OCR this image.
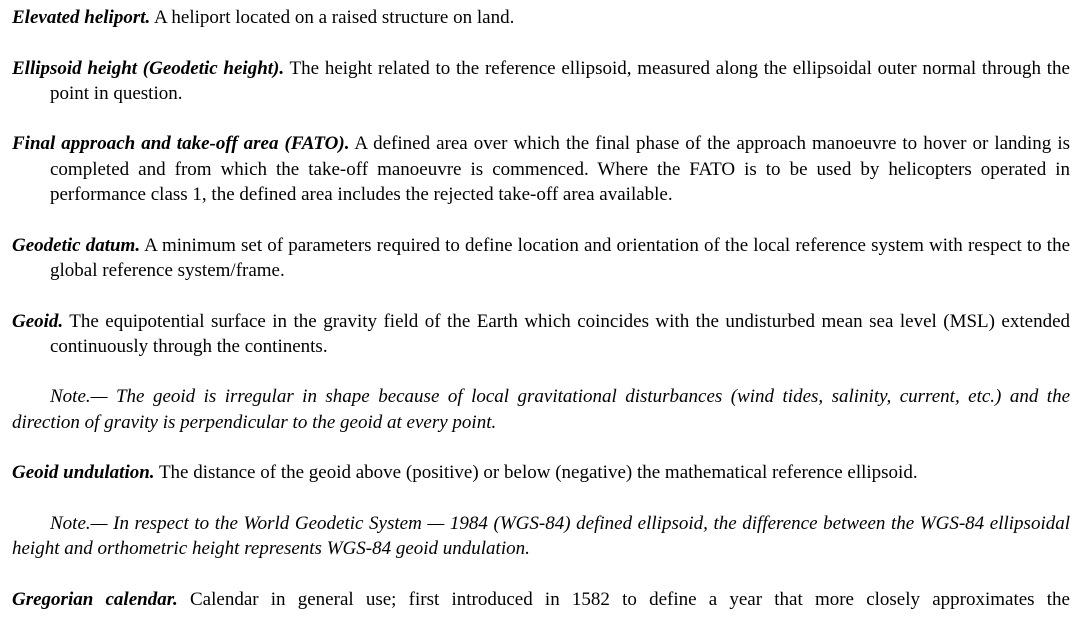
Elevated heliport. A heliport located on a raised structure on land.

Ellipsoid height (Geodetic height). The height related to the reference ellipsoid, measured along the ellipsoidal outer normal through the point in question.

Final approach and take-off area (FATO). A defined area over which the final phase of the approach manoeuvre to hover or landing is completed and from which the take-off manoeuvre is commenced. Where the FATO is to be used by helicopters operated in performance class 1, the defined area includes the rejected take-off area available.

Geodetic datum. A minimum set of parameters required to define location and orientation of the local reference system with respect to the global reference system/frame.

Geoid. The equipotential surface in the gravity field of the Earth which coincides with the undisturbed mean sea level (MSL) extended continuously through the continents.

Note.— The geoid is irregular in shape because of local gravitational disturbances (wind tides, salinity, current, etc.) and the direction of gravity is perpendicular to the geoid at every point.

Geoid undulation. The distance of the geoid above (positive) or below (negative) the mathematical reference ellipsoid.

Note.— In respect to the World Geodetic System — 1984 (WGS-84) defined ellipsoid, the difference between the WGS-84 ellipsoidal height and orthometric height represents WGS-84 geoid undulation.

Gregorian calendar. Calendar in general use; first introduced in 1582 to define a year that more closely approximates the
